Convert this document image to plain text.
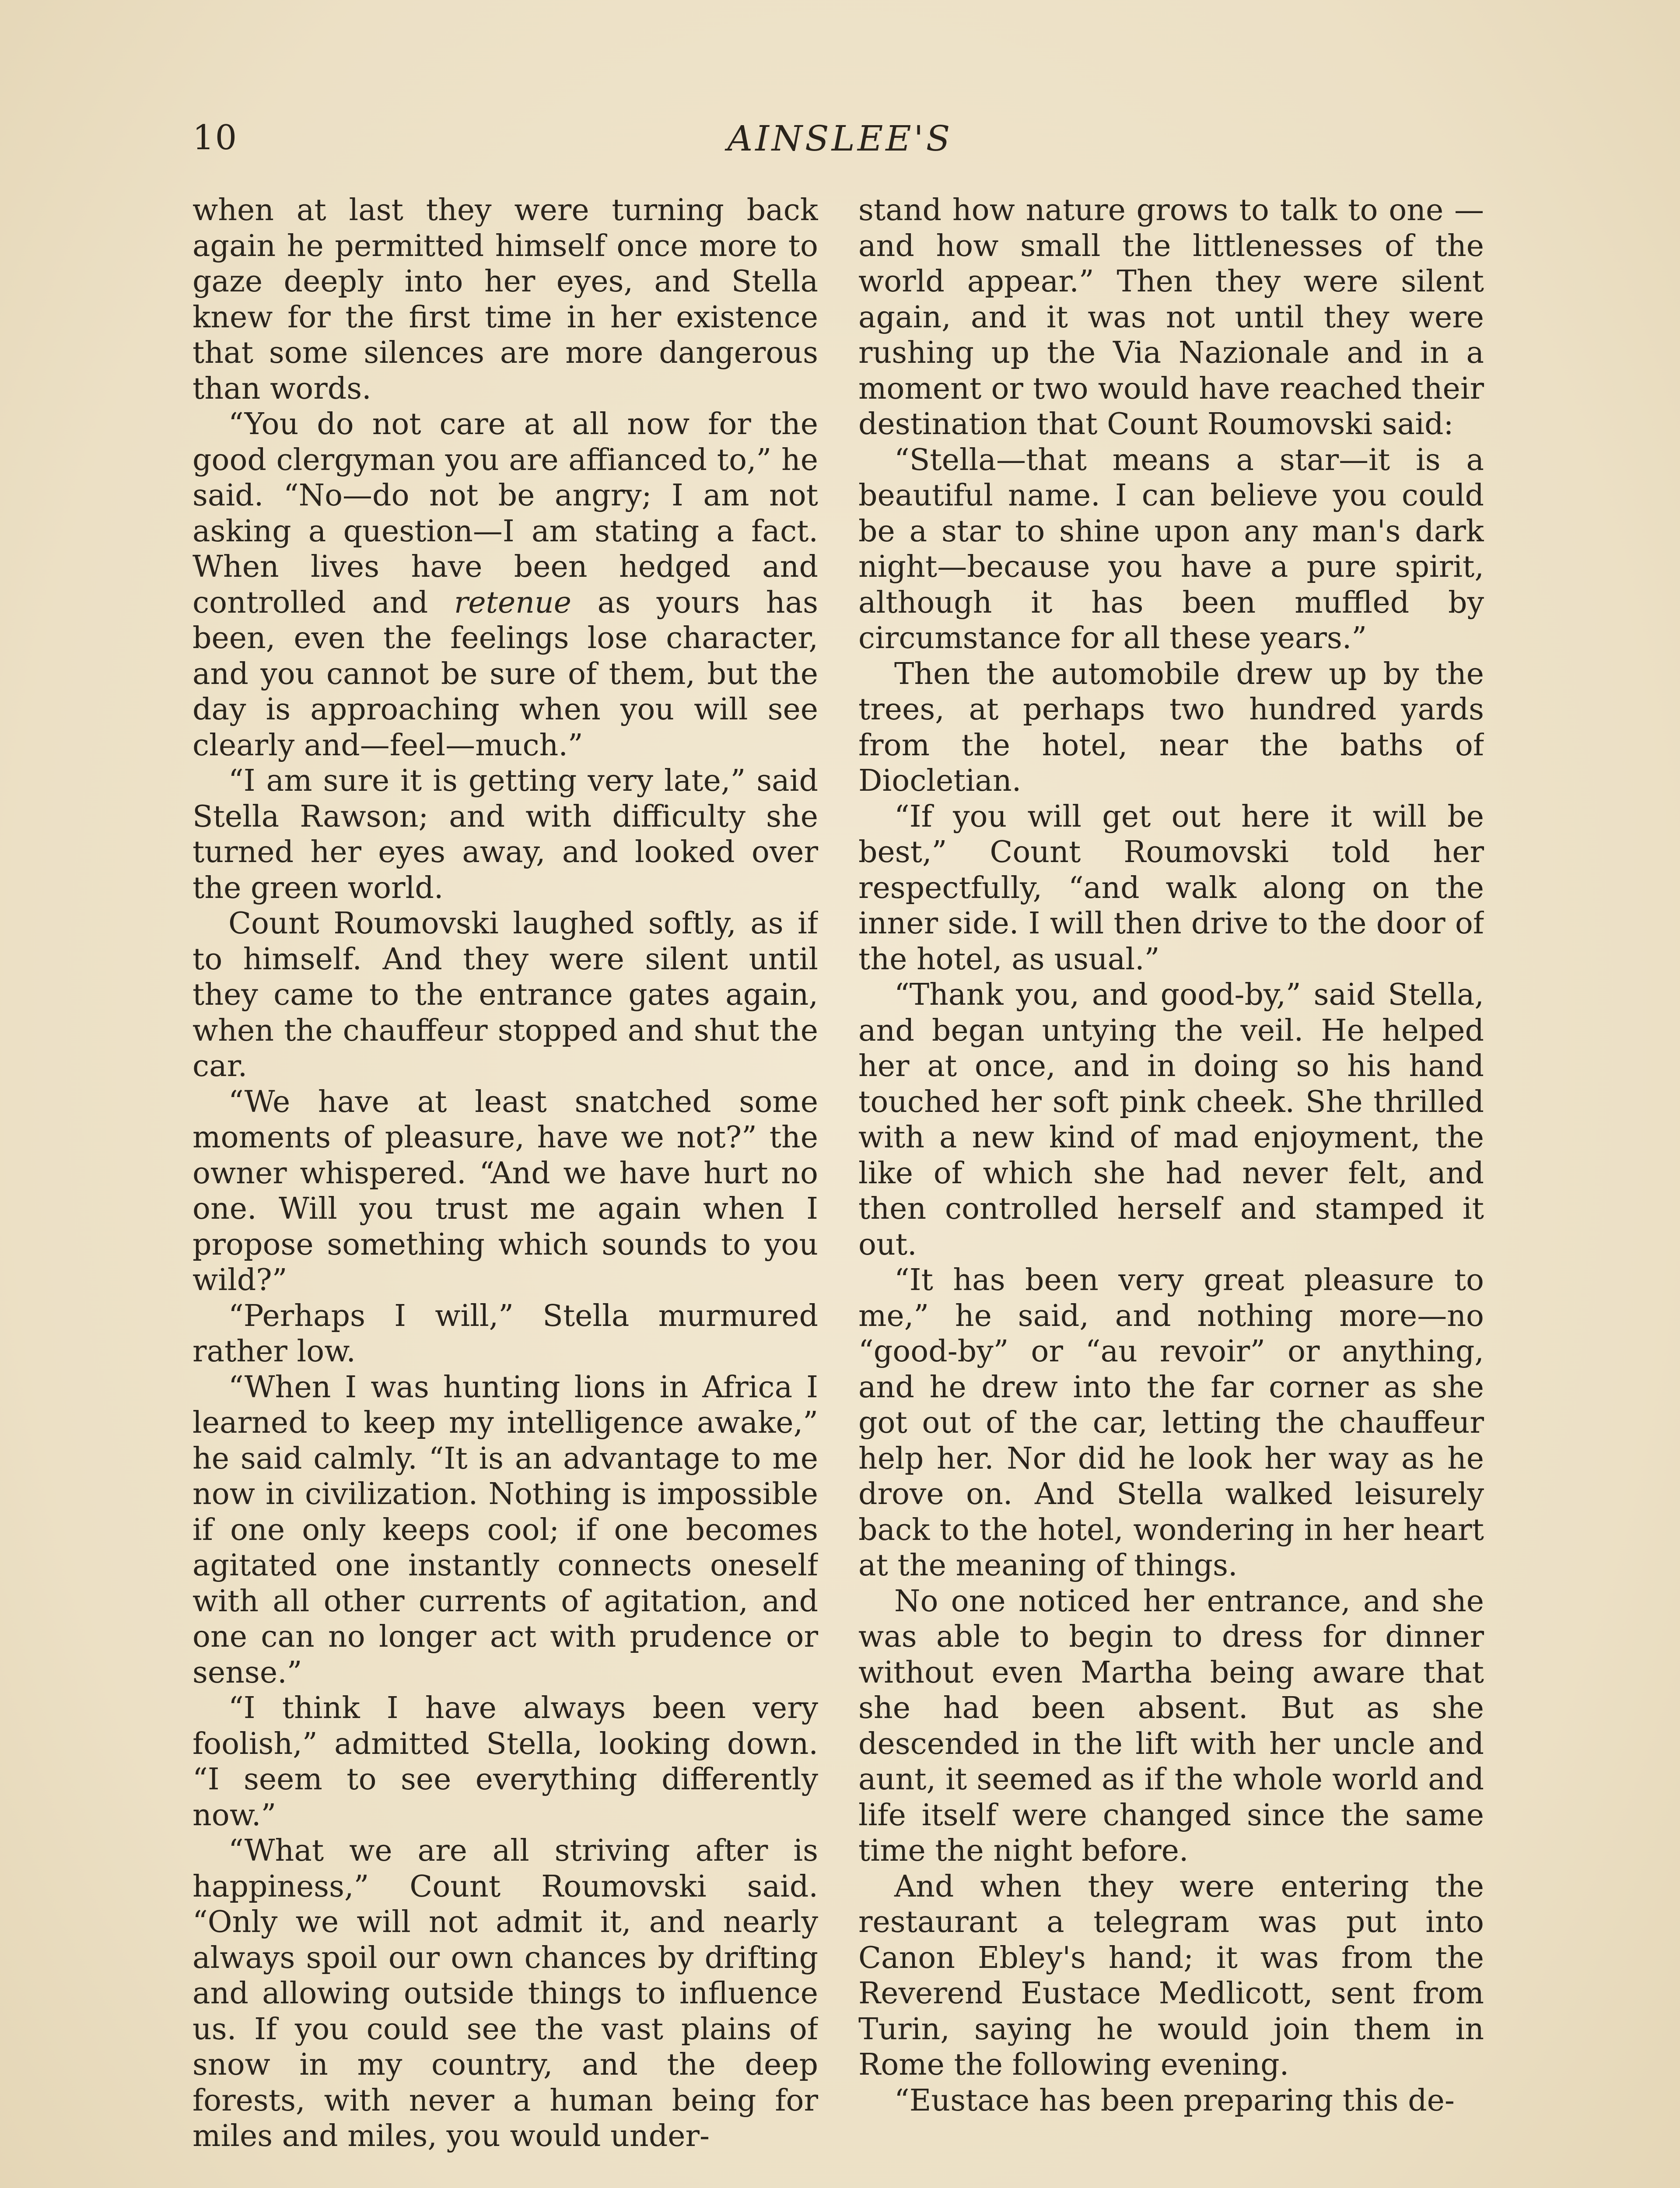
10	AINSLEE'S

when at last they were turning back again he permitted himself once more to gaze deeply into her eyes, and Stella knew for the first time in her existence that some silences are more dangerous than words.

“You do not care at all now for the good clergyman you are affianced to,” he said. “No—do not be angry; I am not asking a question—I am stating a fact. When lives have been hedged and controlled and retenue as yours has been, even the feelings lose character, and you cannot be sure of them, but the day is approaching when you will see clearly and—feel—much.”

“I am sure it is getting very late,” said Stella Rawson; and with difficulty she turned her eyes away, and looked over the green world.

Count Roumovski laughed softly, as if to himself. And they were silent until they came to the entrance gates again, when the chauffeur stopped and shut the car.

“We have at least snatched some moments of pleasure, have we not?” the owner whispered. “And we have hurt no one. Will you trust me again when I propose something which sounds to you wild?”

“Perhaps I will,” Stella murmured rather low.

“When I was hunting lions in Africa I learned to keep my intelligence awake,” he said calmly. “It is an advantage to me now in civilization. Nothing is impossible if one only keeps cool; if one becomes agitated one instantly connects oneself with all other currents of agitation, and one can no longer act with prudence or sense.”

“I think I have always been very foolish,” admitted Stella, looking down. “I seem to see everything differently now.”

“What we are all striving after is happiness,” Count Roumovski said. “Only we will not admit it, and nearly always spoil our own chances by drifting and allowing outside things to influence us. If you could see the vast plains of snow in my country, and the deep forests, with never a human being for miles and miles, you would under-

stand how nature grows to talk to one —and how small the littlenesses of the world appear.” Then they were silent again, and it was not until they were rushing up the Via Nazionale and in a moment or two would have reached their destination that Count Roumovski said:

“Stella—that means a star—it is a beautiful name. I can believe you could be a star to shine upon any man's dark night—because you have a pure spirit, although it has been muffled by circumstance for all these years.”

Then the automobile drew up by the trees, at perhaps two hundred yards from the hotel, near the baths of Diocletian.

“If you will get out here it will be best,” Count Roumovski told her respectfully, “and walk along on the inner side. I will then drive to the door of the hotel, as usual.”

“Thank you, and good-by,” said Stella, and began untying the veil. He helped her at once, and in doing so his hand touched her soft pink cheek. She thrilled with a new kind of mad enjoyment, the like of which she had never felt, and then controlled herself and stamped it out.

“It has been very great pleasure to me,” he said, and nothing more—no “good-by” or “au revoir” or anything, and he drew into the far corner as she got out of the car, letting the chauffeur help her. Nor did he look her way as he drove on. And Stella walked leisurely back to the hotel, wondering in her heart at the meaning of things.

No one noticed her entrance, and she was able to begin to dress for dinner without even Martha being aware that she had been absent. But as she descended in the lift with her uncle and aunt, it seemed as if the whole world and life itself were changed since the same time the night before.

And when they were entering the restaurant a telegram was put into Canon Ebley's hand; it was from the Reverend Eustace Medlicott, sent from Turin, saying he would join them in Rome the following evening.

“Eustace has been preparing this de-
